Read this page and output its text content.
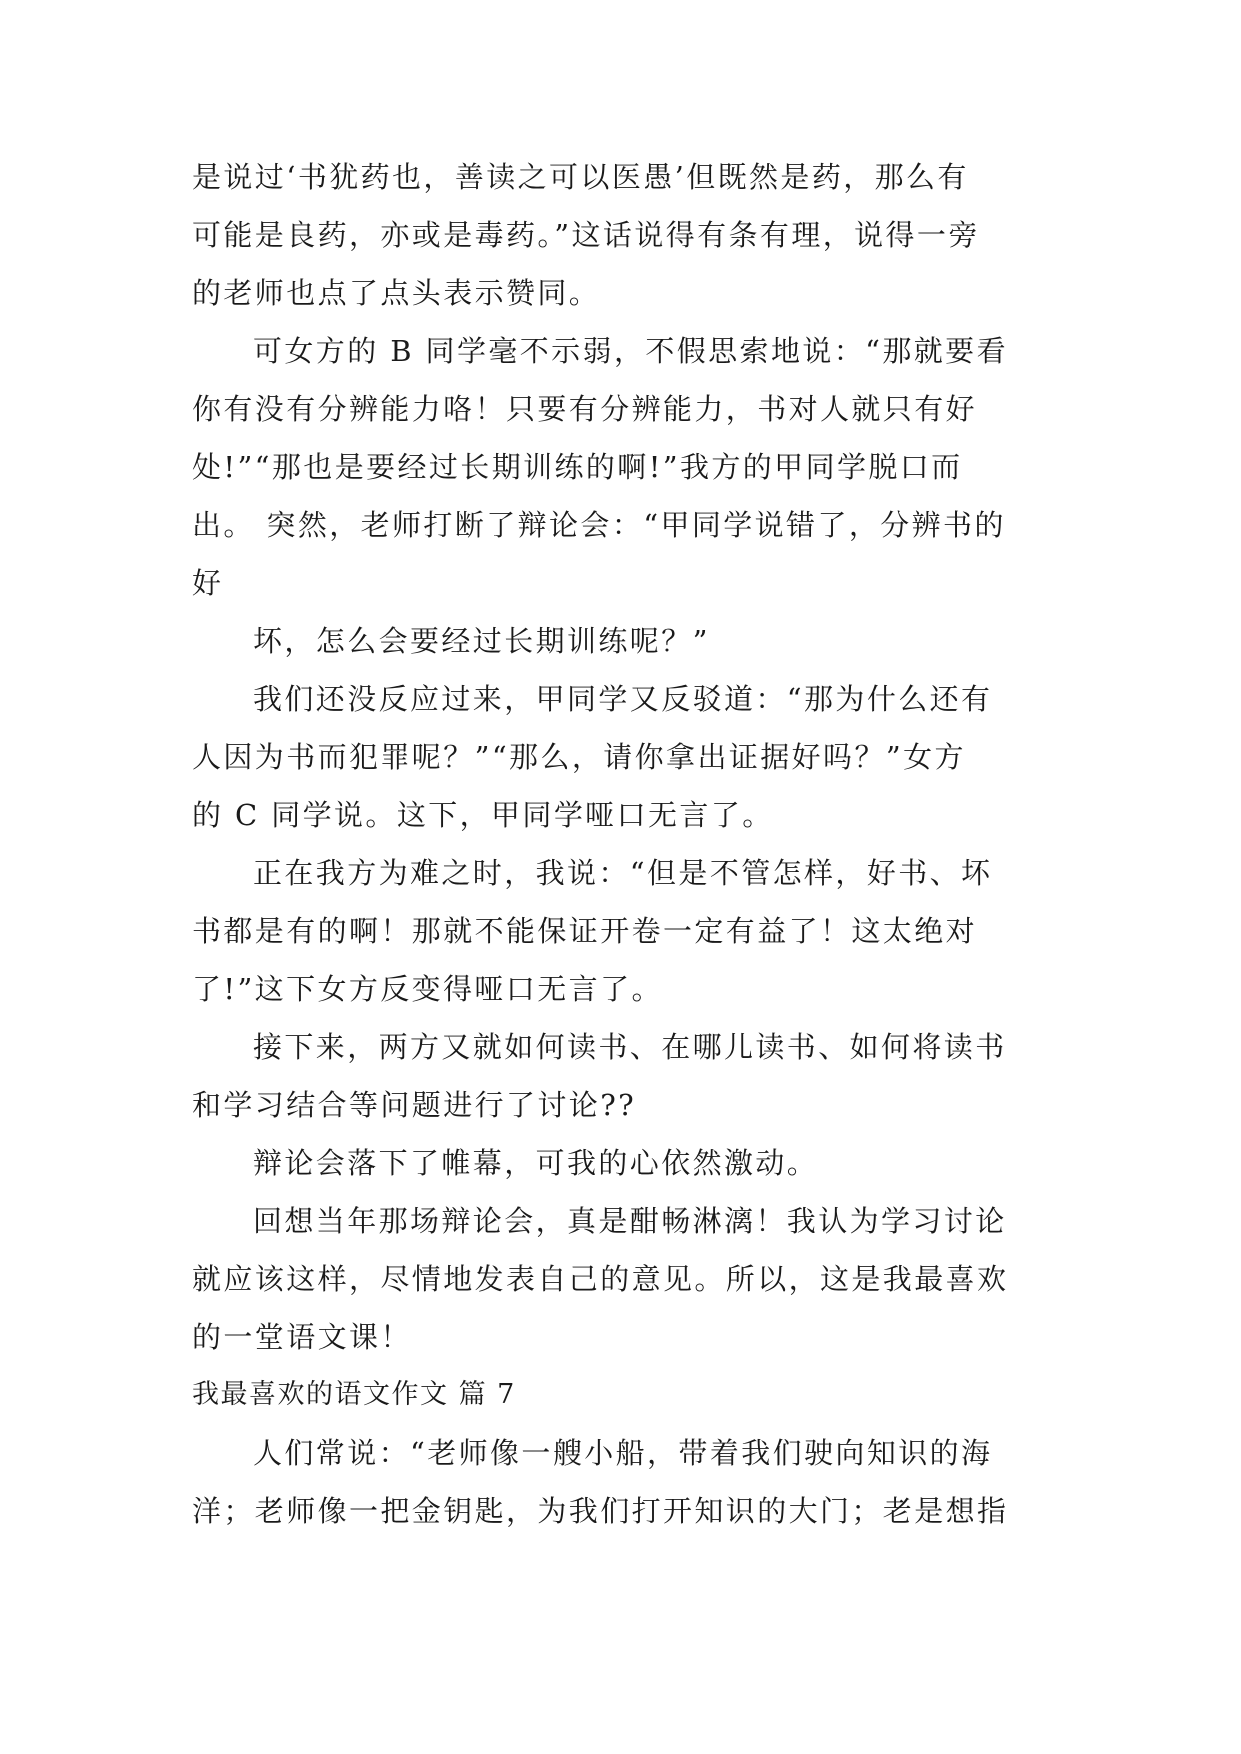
是说过‘书犹药也，善读之可以医愚’但既然是药，那么有
可能是良药，亦或是毒药。”这话说得有条有理，说得一旁
的老师也点了点头表示赞同。
可女方的 B 同学毫不示弱，不假思索地说：“那就要看
你有没有分辨能力咯！只要有分辨能力，书对人就只有好
处!”“那也是要经过长期训练的啊!”我方的甲同学脱口而
出。 突然，老师打断了辩论会：“甲同学说错了，分辨书的
好
坏，怎么会要经过长期训练呢？”
我们还没反应过来，甲同学又反驳道：“那为什么还有
人因为书而犯罪呢？”“那么，请你拿出证据好吗？”女方
的 C 同学说。这下，甲同学哑口无言了。
正在我方为难之时，我说：“但是不管怎样，好书、坏
书都是有的啊！那就不能保证开卷一定有益了！这太绝对
了!”这下女方反变得哑口无言了。
接下来，两方又就如何读书、在哪儿读书、如何将读书
和学习结合等问题进行了讨论??
辩论会落下了帷幕，可我的心依然激动。
回想当年那场辩论会，真是酣畅淋漓！我认为学习讨论
就应该这样，尽情地发表自己的意见。所以，这是我最喜欢
的一堂语文课！
我最喜欢的语文作文 篇 7
人们常说：“老师像一艘小船，带着我们驶向知识的海
洋；老师像一把金钥匙，为我们打开知识的大门；老是想指
